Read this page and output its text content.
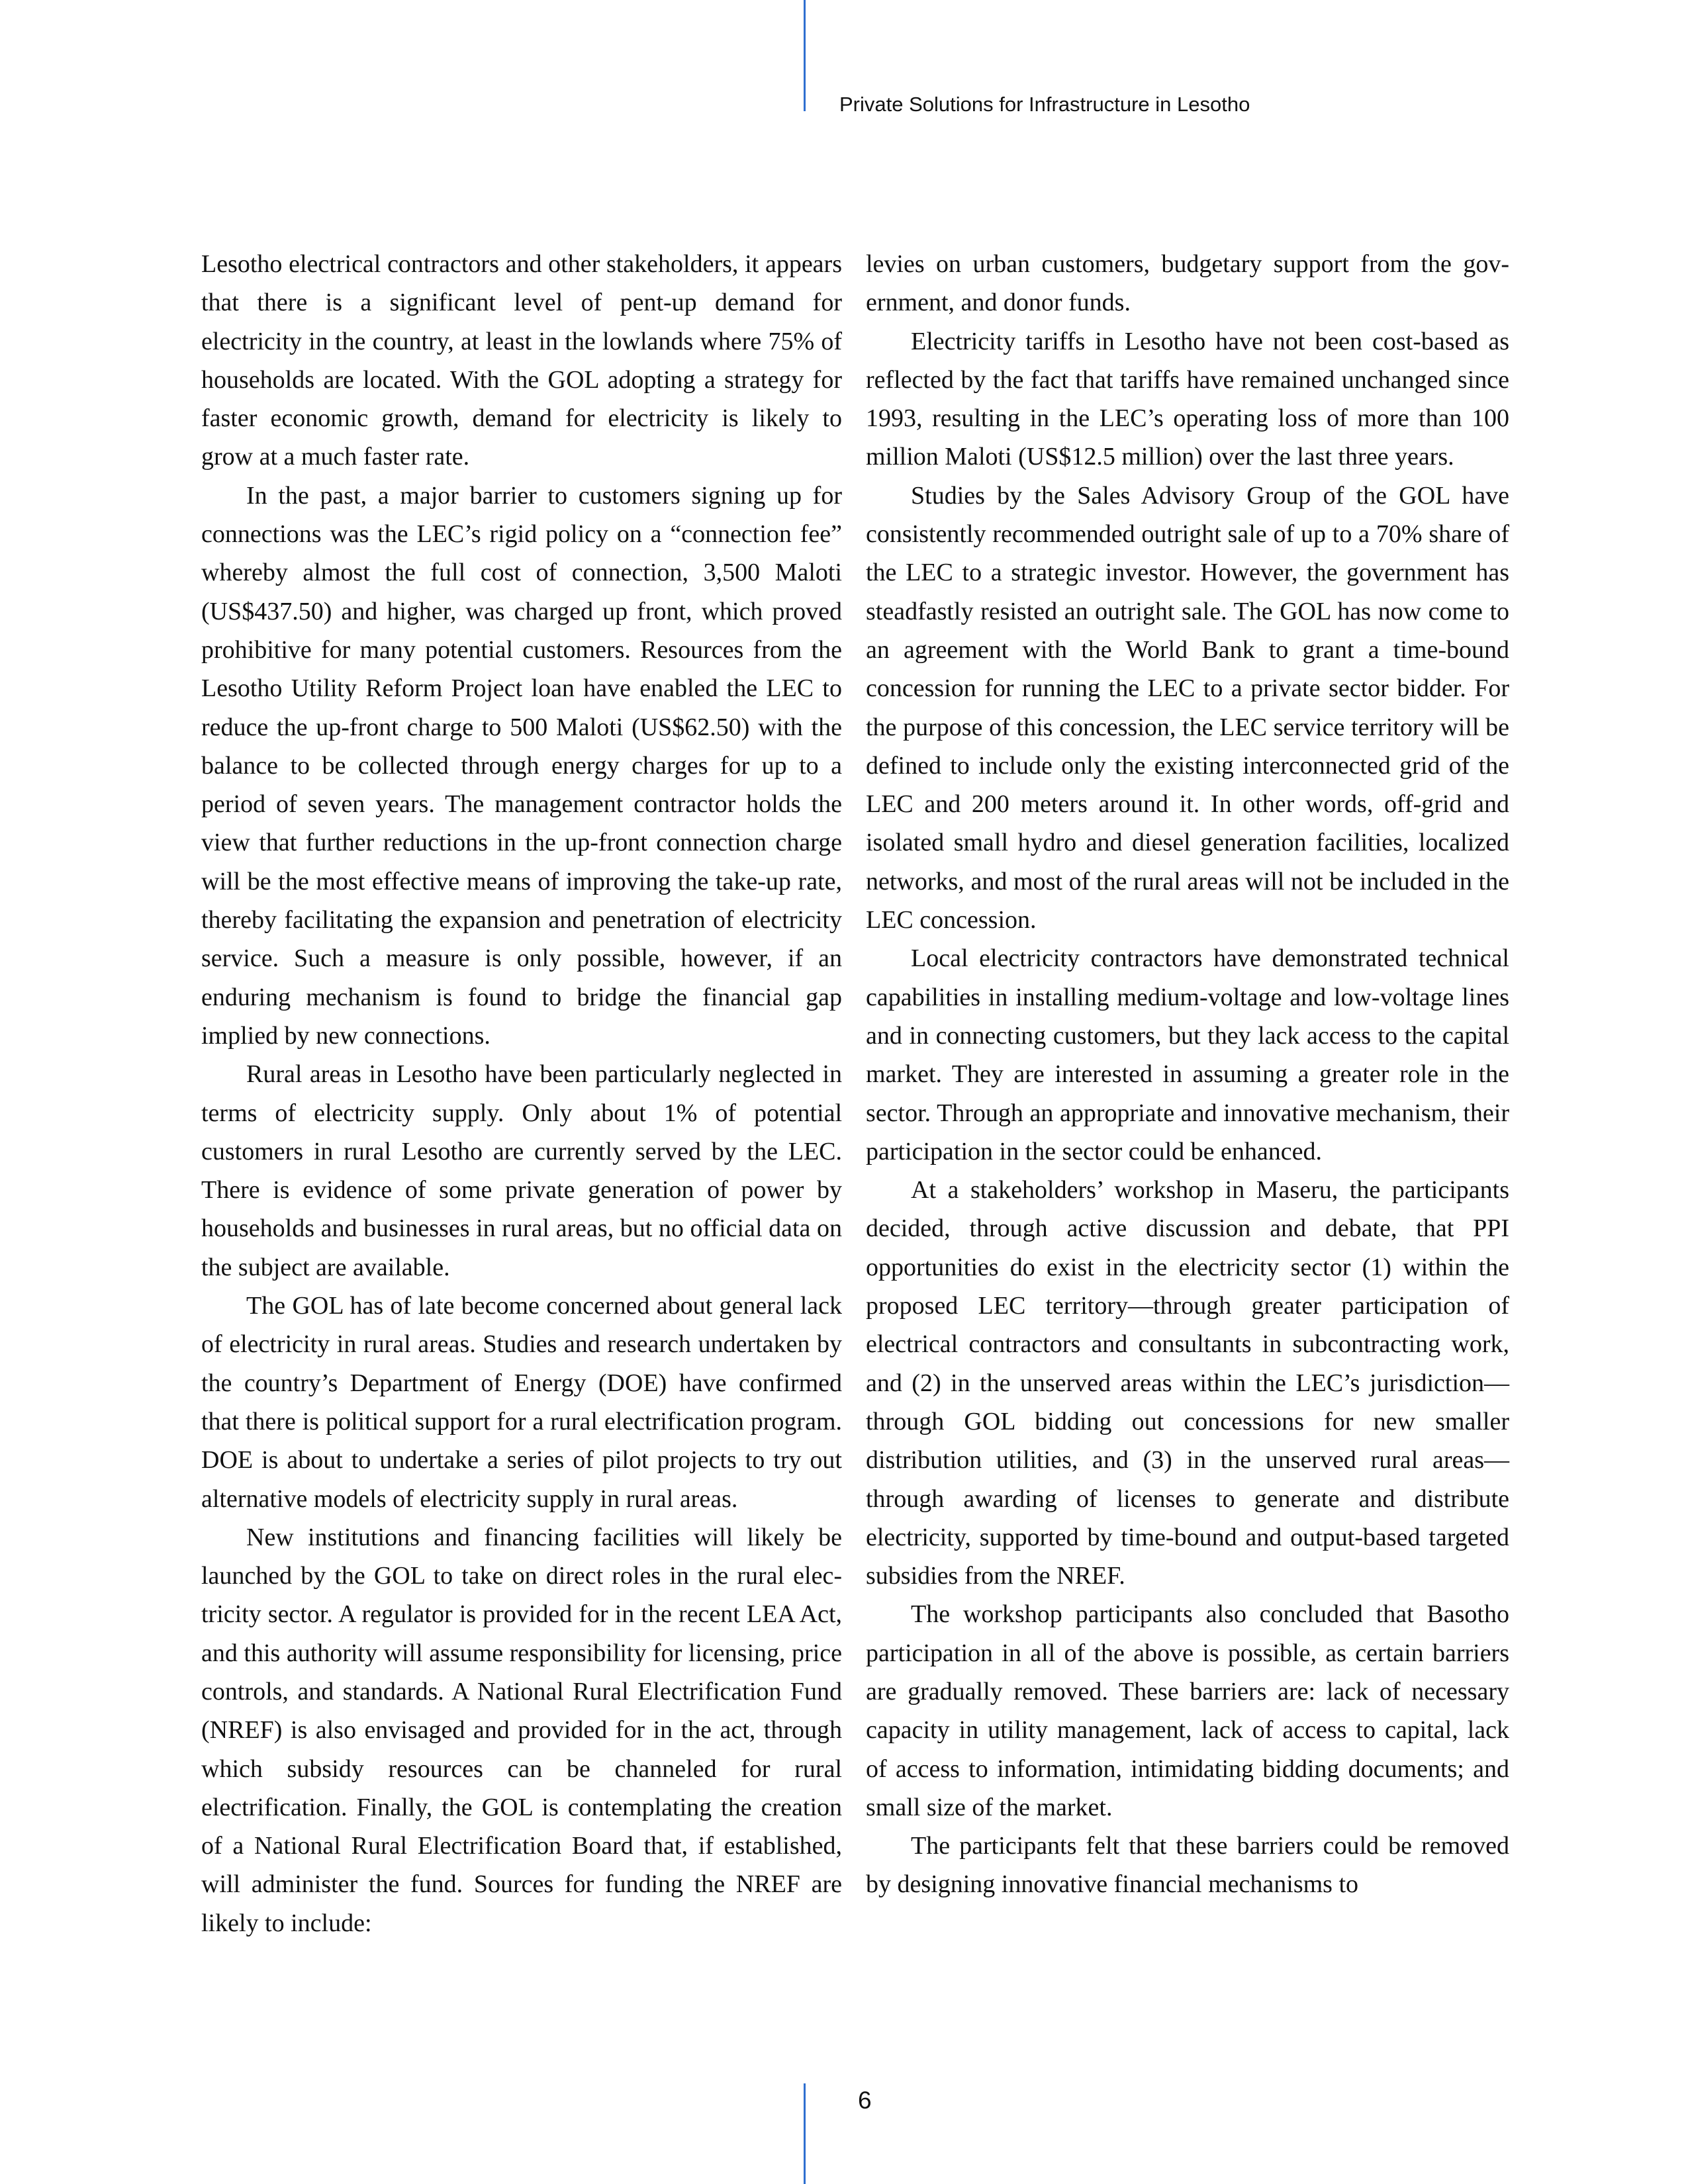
Private Solutions for Infrastructure in Lesotho

Lesotho electrical contractors and other stakeholders, it appears that there is a significant level of pent-up demand for electricity in the country, at least in the lowlands where 75% of households are located. With the GOL adopting a strategy for faster economic growth, demand for electricity is likely to grow at a much faster rate.

In the past, a major barrier to customers signing up for connections was the LEC’s rigid policy on a “connection fee” whereby almost the full cost of connection, 3,500 Maloti (US$437.50) and higher, was charged up front, which proved prohibitive for many potential customers. Resources from the Lesotho Utility Reform Project loan have enabled the LEC to reduce the up-front charge to 500 Maloti (US$62.50) with the balance to be collected through energy charges for up to a period of seven years. The management contractor holds the view that further reductions in the up-front connection charge will be the most effective means of improving the take-up rate, thereby facilitating the expansion and penetration of electricity service. Such a measure is only possible, however, if an enduring mechanism is found to bridge the financial gap implied by new connections.

Rural areas in Lesotho have been particularly neglected in terms of electricity supply. Only about 1% of potential customers in rural Lesotho are currently served by the LEC. There is evidence of some private generation of power by households and businesses in rural areas, but no official data on the subject are available.

The GOL has of late become concerned about general lack of electricity in rural areas. Studies and research undertaken by the country’s Department of Energy (DOE) have confirmed that there is political support for a rural electrification program. DOE is about to undertake a series of pilot projects to try out alternative models of electricity supply in rural areas.

New institutions and financing facilities will likely be launched by the GOL to take on direct roles in the rural electricity sector. A regulator is provided for in the recent LEA Act, and this authority will assume responsibility for licensing, price controls, and standards. A National Rural Electrification Fund (NREF) is also envisaged and provided for in the act, through which subsidy resources can be channeled for rural electrification. Finally, the GOL is contemplating the creation of a National Rural Electrification Board that, if established, will administer the fund. Sources for funding the NREF are likely to include:

levies on urban customers, budgetary support from the government, and donor funds.

Electricity tariffs in Lesotho have not been cost-based as reflected by the fact that tariffs have remained unchanged since 1993, resulting in the LEC’s operating loss of more than 100 million Maloti (US$12.5 million) over the last three years.

Studies by the Sales Advisory Group of the GOL have consistently recommended outright sale of up to a 70% share of the LEC to a strategic investor. However, the government has steadfastly resisted an outright sale. The GOL has now come to an agreement with the World Bank to grant a time-bound concession for running the LEC to a private sector bidder. For the purpose of this concession, the LEC service territory will be defined to include only the existing interconnected grid of the LEC and 200 meters around it. In other words, off-grid and isolated small hydro and diesel generation facilities, localized networks, and most of the rural areas will not be included in the LEC concession.

Local electricity contractors have demonstrated technical capabilities in installing medium-voltage and low-voltage lines and in connecting customers, but they lack access to the capital market. They are interested in assuming a greater role in the sector. Through an appropriate and innovative mechanism, their participation in the sector could be enhanced.

At a stakeholders’ workshop in Maseru, the participants decided, through active discussion and debate, that PPI opportunities do exist in the electricity sector (1) within the proposed LEC territory—through greater participation of electrical contractors and consultants in subcontracting work, and (2) in the unserved areas within the LEC’s jurisdiction—through GOL bidding out concessions for new smaller distribution utilities, and (3) in the unserved rural areas—through awarding of licenses to generate and distribute electricity, supported by time-bound and output-based targeted subsidies from the NREF.

The workshop participants also concluded that Basotho participation in all of the above is possible, as certain barriers are gradually removed. These barriers are: lack of necessary capacity in utility management, lack of access to capital, lack of access to information, intimidating bidding documents; and small size of the market.

The participants felt that these barriers could be removed by designing innovative financial mechanisms to

6
